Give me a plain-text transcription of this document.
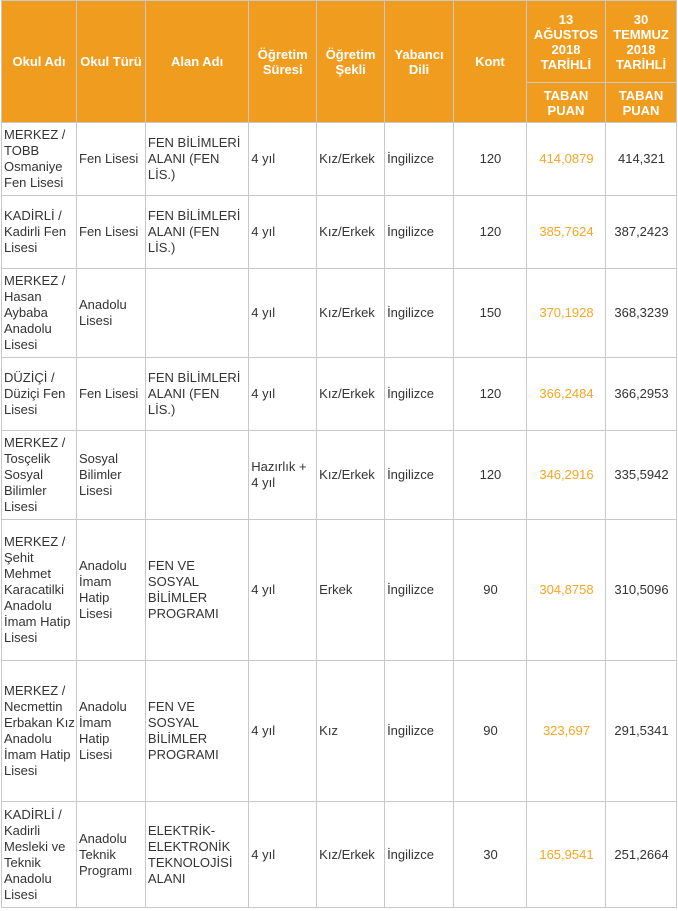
Okul Adı	Okul Türü	Alan Adı	Öğretim Süresi	Öğretim Şekli	Yabancı Dili	Kont	13 AĞUSTOS 2018 TARİHLİ	30 TEMMUZ 2018 TARİHLİ
							TABAN PUAN	TABAN PUAN
MERKEZ / TOBB Osmaniye Fen Lisesi	Fen Lisesi	FEN BİLİMLERİ ALANI (FEN LİS.)	4 yıl	Kız/Erkek	İngilizce	120	414,0879	414,321
KADİRLİ / Kadirli Fen Lisesi	Fen Lisesi	FEN BİLİMLERİ ALANI (FEN LİS.)	4 yıl	Kız/Erkek	İngilizce	120	385,7624	387,2423
MERKEZ / Hasan Aybaba Anadolu Lisesi	Anadolu Lisesi		4 yıl	Kız/Erkek	İngilizce	150	370,1928	368,3239
DÜZİÇİ / Düziçi Fen Lisesi	Fen Lisesi	FEN BİLİMLERİ ALANI (FEN LİS.)	4 yıl	Kız/Erkek	İngilizce	120	366,2484	366,2953
MERKEZ / Tosçelik Sosyal Bilimler Lisesi	Sosyal Bilimler Lisesi		Hazırlık + 4 yıl	Kız/Erkek	İngilizce	120	346,2916	335,5942
MERKEZ / Şehit Mehmet Karacatilki Anadolu İmam Hatip Lisesi	Anadolu İmam Hatip Lisesi	FEN VE SOSYAL BİLİMLER PROGRAMI	4 yıl	Erkek	İngilizce	90	304,8758	310,5096
MERKEZ / Necmettin Erbakan Kız Anadolu İmam Hatip Lisesi	Anadolu İmam Hatip Lisesi	FEN VE SOSYAL BİLİMLER PROGRAMI	4 yıl	Kız	İngilizce	90	323,697	291,5341
KADİRLİ / Kadirli Mesleki ve Teknik Anadolu Lisesi	Anadolu Teknik Programı	ELEKTRİK-ELEKTRONİK TEKNOLOJİSİ ALANI	4 yıl	Kız/Erkek	İngilizce	30	165,9541	251,2664
